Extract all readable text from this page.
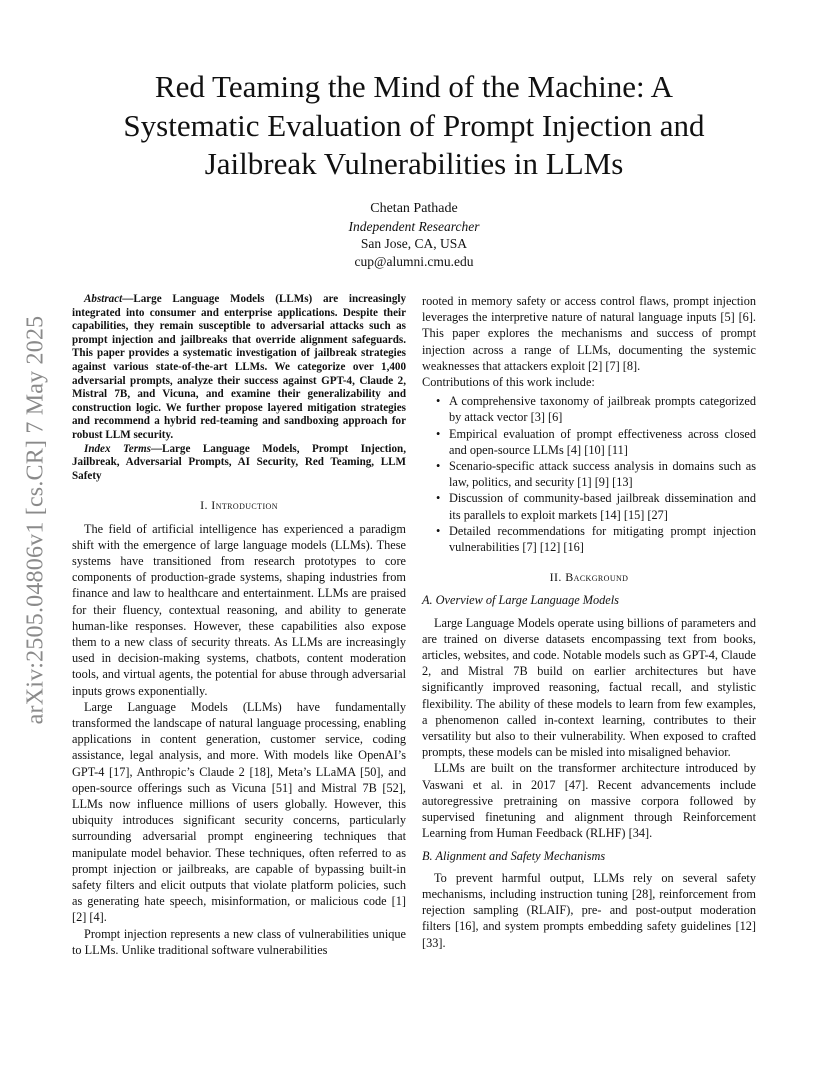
arXiv:2505.04806v1 [cs.CR] 7 May 2025
Red Teaming the Mind of the Machine: A
Systematic Evaluation of Prompt Injection and
Jailbreak Vulnerabilities in LLMs
Chetan Pathade
Independent Researcher
San Jose, CA, USA
cup@alumni.cmu.edu

Abstract—Large Language Models (LLMs) are increasingly integrated into consumer and enterprise applications. Despite their capabilities, they remain susceptible to adversarial attacks such as prompt injection and jailbreaks that override alignment safeguards. This paper provides a systematic investigation of jailbreak strategies against various state-of-the-art LLMs. We categorize over 1,400 adversarial prompts, analyze their success against GPT-4, Claude 2, Mistral 7B, and Vicuna, and examine their generalizability and construction logic. We further propose layered mitigation strategies and recommend a hybrid red-teaming and sandboxing approach for robust LLM security.

Index Terms—Large Language Models, Prompt Injection, Jailbreak, Adversarial Prompts, AI Security, Red Teaming, LLM Safety

I. Introduction

The field of artificial intelligence has experienced a paradigm shift with the emergence of large language models (LLMs). These systems have transitioned from research prototypes to core components of production-grade systems, shaping industries from finance and law to healthcare and entertainment. LLMs are praised for their fluency, contextual reasoning, and ability to generate human-like responses. However, these capabilities also expose them to a new class of security threats. As LLMs are increasingly used in decision-making systems, chatbots, content moderation tools, and virtual agents, the potential for abuse through adversarial inputs grows exponentially.

Large Language Models (LLMs) have fundamentally transformed the landscape of natural language processing, enabling applications in content generation, customer service, coding assistance, legal analysis, and more. With models like OpenAI’s GPT-4 [17], Anthropic’s Claude 2 [18], Meta’s LLaMA [50], and open-source offerings such as Vicuna [51] and Mistral 7B [52], LLMs now influence millions of users globally. However, this ubiquity introduces significant security concerns, particularly surrounding adversarial prompt engineering techniques that manipulate model behavior. These techniques, often referred to as prompt injection or jailbreaks, are capable of bypassing built-in safety filters and elicit outputs that violate platform policies, such as generating hate speech, misinformation, or malicious code [1] [2] [4].

Prompt injection represents a new class of vulnerabilities unique to LLMs. Unlike traditional software vulnerabilities

rooted in memory safety or access control flaws, prompt injection leverages the interpretive nature of natural language inputs [5] [6]. This paper explores the mechanisms and success of prompt injection across a range of LLMs, documenting the systemic weaknesses that attackers exploit [2] [7] [8].

Contributions of this work include:

• A comprehensive taxonomy of jailbreak prompts categorized by attack vector [3] [6]
• Empirical evaluation of prompt effectiveness across closed and open-source LLMs [4] [10] [11]
• Scenario-specific attack success analysis in domains such as law, politics, and security [1] [9] [13]
• Discussion of community-based jailbreak dissemination and its parallels to exploit markets [14] [15] [27]
• Detailed recommendations for mitigating prompt injection vulnerabilities [7] [12] [16]
II. Background
A. Overview of Large Language Models

Large Language Models operate using billions of parameters and are trained on diverse datasets encompassing text from books, articles, websites, and code. Notable models such as GPT-4, Claude 2, and Mistral 7B build on earlier architectures but have significantly improved reasoning, factual recall, and stylistic flexibility. The ability of these models to learn from few examples, a phenomenon called in-context learning, contributes to their versatility but also to their vulnerability. When exposed to crafted prompts, these models can be misled into misaligned behavior.

LLMs are built on the transformer architecture introduced by Vaswani et al. in 2017 [47]. Recent advancements include autoregressive pretraining on massive corpora followed by supervised finetuning and alignment through Reinforcement Learning from Human Feedback (RLHF) [34].

B. Alignment and Safety Mechanisms

To prevent harmful output, LLMs rely on several safety mechanisms, including instruction tuning [28], reinforcement from rejection sampling (RLAIF), pre- and post-output moderation filters [16], and system prompts embedding safety guidelines [12] [33].
